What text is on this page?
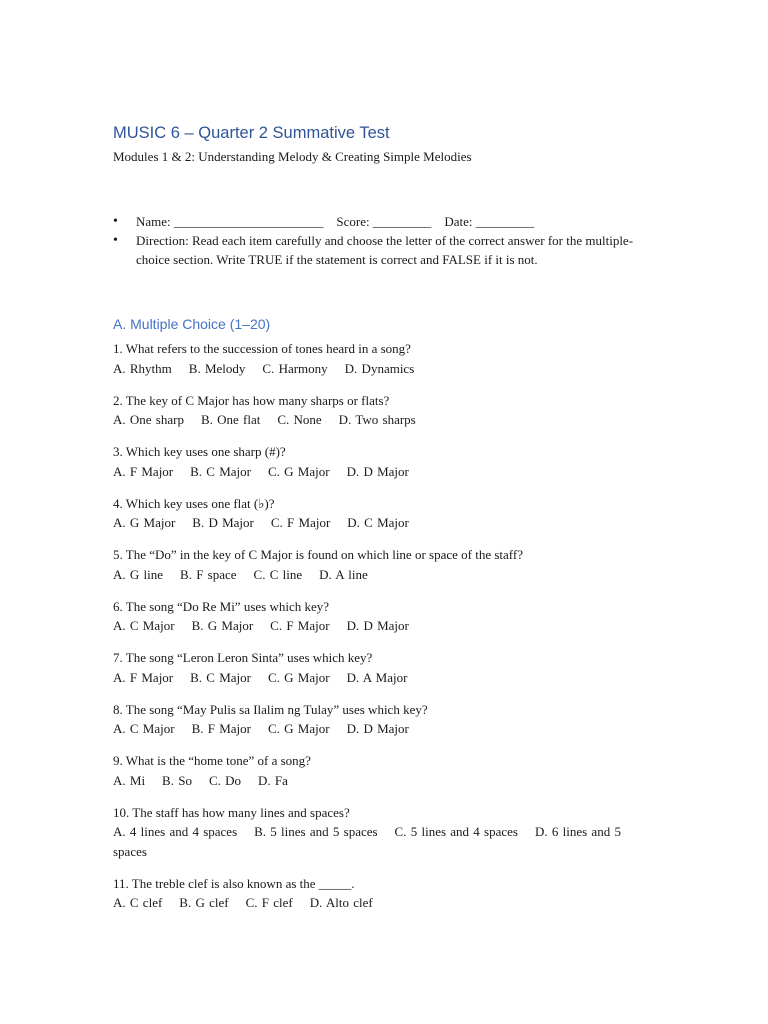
MUSIC 6 – Quarter 2 Summative Test
Modules 1 & 2: Understanding Melody & Creating Simple Melodies
• Name: _______________________    Score: _________    Date: _________
• Direction: Read each item carefully and choose the letter of the correct answer for the multiple-choice section. Write TRUE if the statement is correct and FALSE if it is not.
A. Multiple Choice (1–20)
1. What refers to the succession of tones heard in a song?
A. Rhythm    B. Melody    C. Harmony    D. Dynamics
2. The key of C Major has how many sharps or flats?
A. One sharp    B. One flat    C. None    D. Two sharps
3. Which key uses one sharp (#)?
A. F Major    B. C Major    C. G Major    D. D Major
4. Which key uses one flat (♭)?
A. G Major    B. D Major    C. F Major    D. C Major
5. The “Do” in the key of C Major is found on which line or space of the staff?
A. G line    B. F space    C. C line    D. A line
6. The song “Do Re Mi” uses which key?
A. C Major    B. G Major    C. F Major    D. D Major
7. The song “Leron Leron Sinta” uses which key?
A. F Major    B. C Major    C. G Major    D. A Major
8. The song “May Pulis sa Ilalim ng Tulay” uses which key?
A. C Major    B. F Major    C. G Major    D. D Major
9. What is the “home tone” of a song?
A. Mi    B. So    C. Do    D. Fa
10. The staff has how many lines and spaces?
A. 4 lines and 4 spaces    B. 5 lines and 5 spaces    C. 5 lines and 4 spaces    D. 6 lines and 5 spaces
11. The treble clef is also known as the _____.
A. C clef    B. G clef    C. F clef    D. Alto clef
